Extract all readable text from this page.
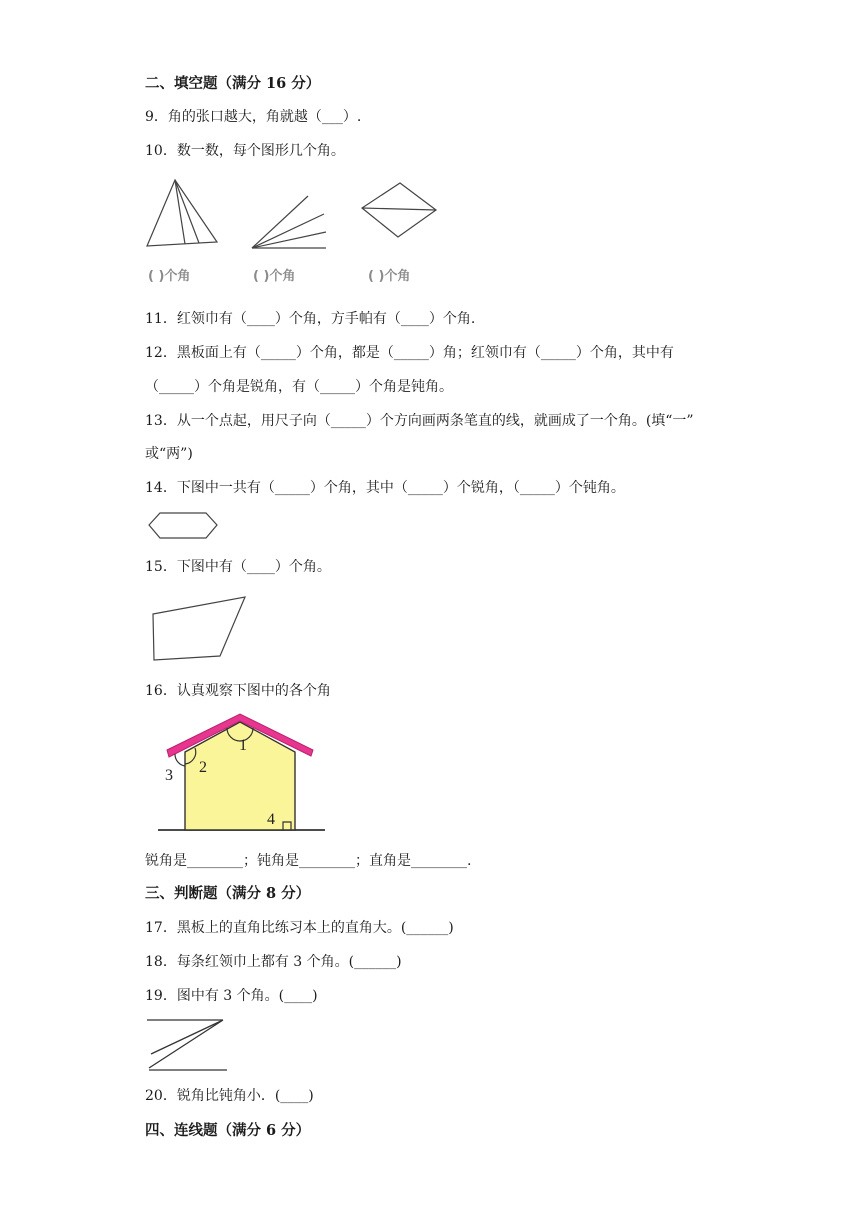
二、填空题（满分 16 分）
9．角的张口越大，角就越（___）.
10．数一数，每个图形几个角。
( )个角	( )个角	( )个角
11．红领巾有（____）个角，方手帕有（____）个角.
12．黑板面上有（_____）个角，都是（_____）角；红领巾有（_____）个角，其中有
（_____）个角是锐角，有（_____）个角是钝角。
13．从一个点起，用尺子向（_____）个方向画两条笔直的线，就画成了一个角。(填“一”
或“两”)
14．下图中一共有（_____）个角，其中（_____）个锐角，（_____）个钝角。
15．下图中有（____）个角。
16．认真观察下图中的各个角
1
2
3
4
锐角是________；钝角是________；直角是________.
三、判断题（满分 8 分）
17．黑板上的直角比练习本上的直角大。(______)
18．每条红领巾上都有 3 个角。(______)
19．图中有 3 个角。(____)
20．锐角比钝角小．(____)
四、连线题（满分 6 分）
